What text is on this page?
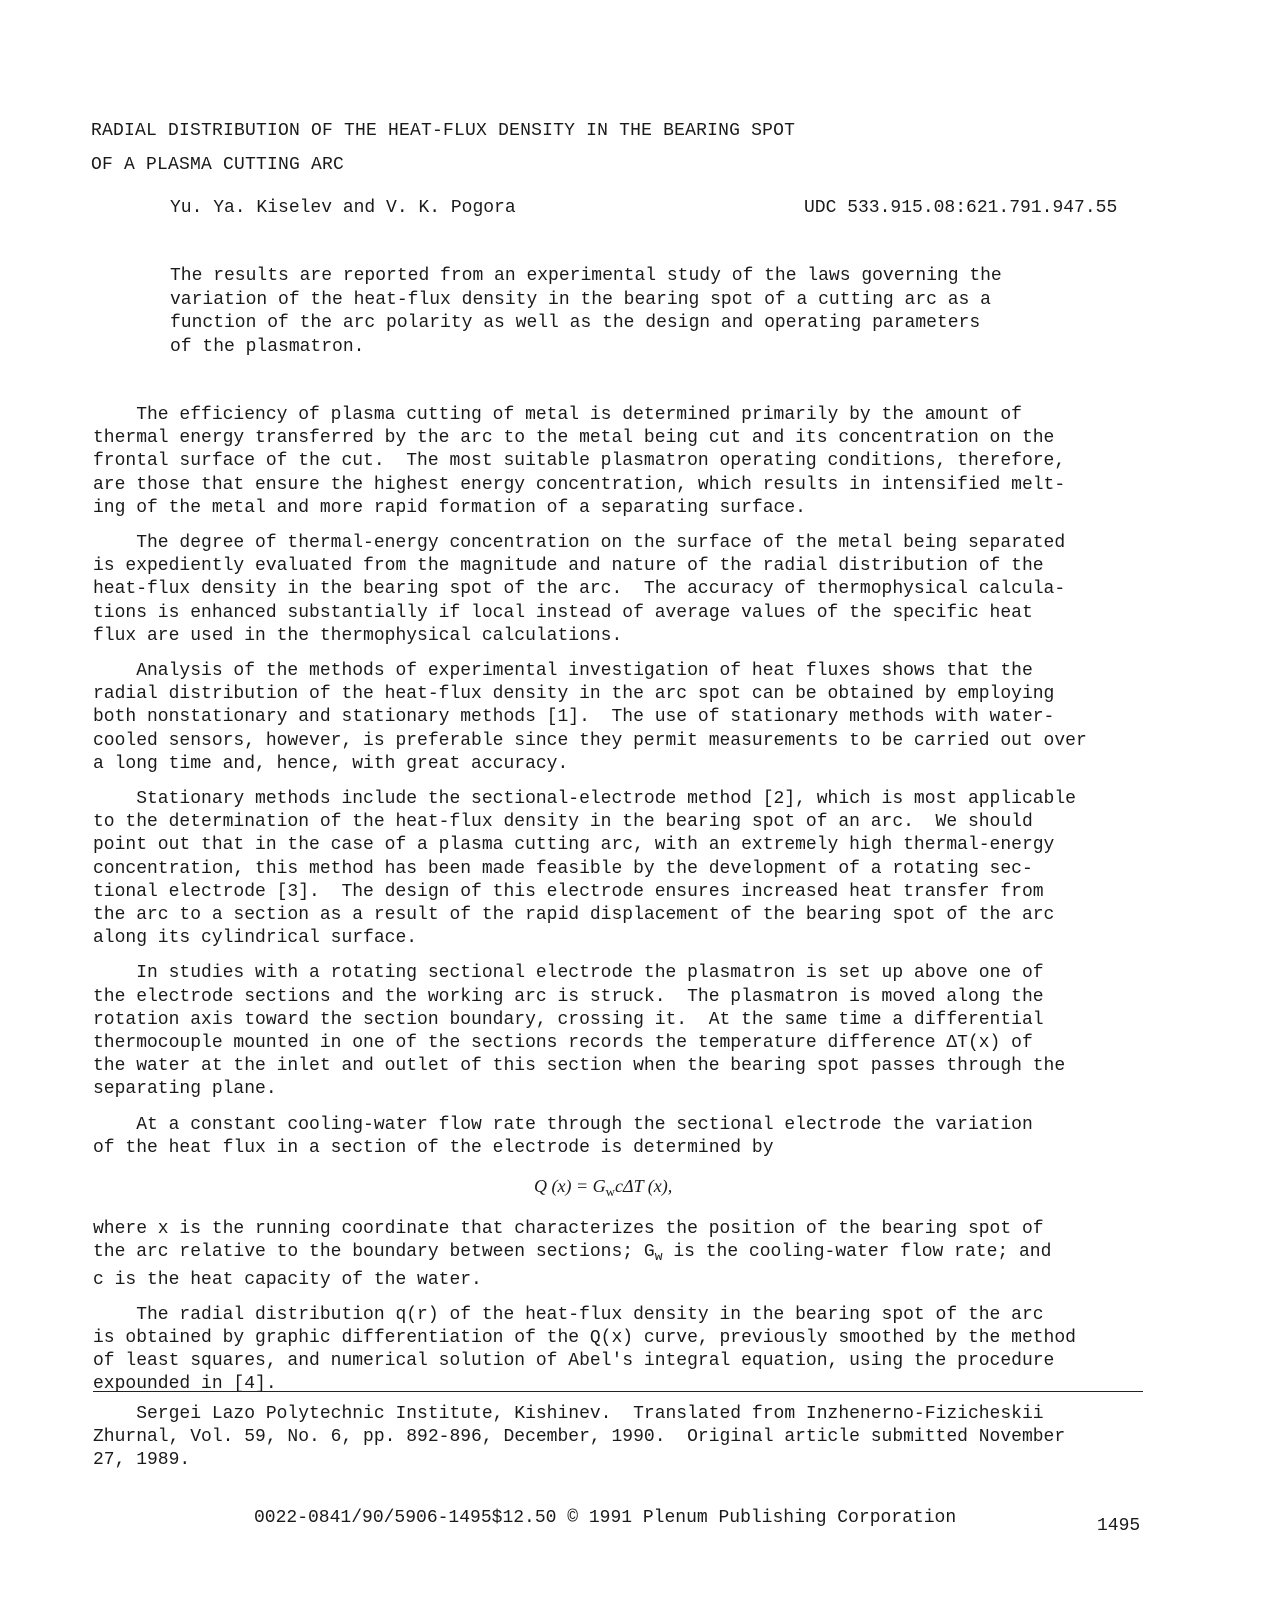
RADIAL DISTRIBUTION OF THE HEAT-FLUX DENSITY IN THE BEARING SPOT
OF A PLASMA CUTTING ARC
Yu. Ya. Kiselev and V. K. Pogora	UDC 533.915.08:621.791.947.55
The results are reported from an experimental study of the laws governing the
variation of the heat-flux density in the bearing spot of a cutting arc as a
function of the arc polarity as well as the design and operating parameters
of the plasmatron.
The efficiency of plasma cutting of metal is determined primarily by the amount of
thermal energy transferred by the arc to the metal being cut and its concentration on the
frontal surface of the cut.  The most suitable plasmatron operating conditions, therefore,
are those that ensure the highest energy concentration, which results in intensified melt-
ing of the metal and more rapid formation of a separating surface.
The degree of thermal-energy concentration on the surface of the metal being separated
is expediently evaluated from the magnitude and nature of the radial distribution of the
heat-flux density in the bearing spot of the arc.  The accuracy of thermophysical calcula-
tions is enhanced substantially if local instead of average values of the specific heat
flux are used in the thermophysical calculations.
Analysis of the methods of experimental investigation of heat fluxes shows that the
radial distribution of the heat-flux density in the arc spot can be obtained by employing
both nonstationary and stationary methods [1].  The use of stationary methods with water-
cooled sensors, however, is preferable since they permit measurements to be carried out over
a long time and, hence, with great accuracy.
Stationary methods include the sectional-electrode method [2], which is most applicable
to the determination of the heat-flux density in the bearing spot of an arc.  We should
point out that in the case of a plasma cutting arc, with an extremely high thermal-energy
concentration, this method has been made feasible by the development of a rotating sec-
tional electrode [3].  The design of this electrode ensures increased heat transfer from
the arc to a section as a result of the rapid displacement of the bearing spot of the arc
along its cylindrical surface.
In studies with a rotating sectional electrode the plasmatron is set up above one of
the electrode sections and the working arc is struck.  The plasmatron is moved along the
rotation axis toward the section boundary, crossing it.  At the same time a differential
thermocouple mounted in one of the sections records the temperature difference ΔT(x) of
the water at the inlet and outlet of this section when the bearing spot passes through the
separating plane.
At a constant cooling-water flow rate through the sectional electrode the variation
of the heat flux in a section of the electrode is determined by
Q $(x) = G_wc\Delta T$ (x),
where x is the running coordinate that characterizes the position of the bearing spot of
the arc relative to the boundary between sections; $G_w$ is the cooling-water flow rate; and
c is the heat capacity of the water.
The radial distribution q(r) of the heat-flux density in the bearing spot of the arc
is obtained by graphic differentiation of the Q(x) curve, previously smoothed by the method
of least squares, and numerical solution of Abel's integral equation, using the procedure
expounded in [4].
Sergei Lazo Polytechnic Institute, Kishinev.  Translated from Inzhenerno-Fizicheskii
Zhurnal, Vol. 59, No. 6, pp. 892-896, December, 1990.  Original article submitted November
27, 1989.
0022-0841/90/5906-1495$12.50 © 1991 Plenum Publishing Corporation	1495
